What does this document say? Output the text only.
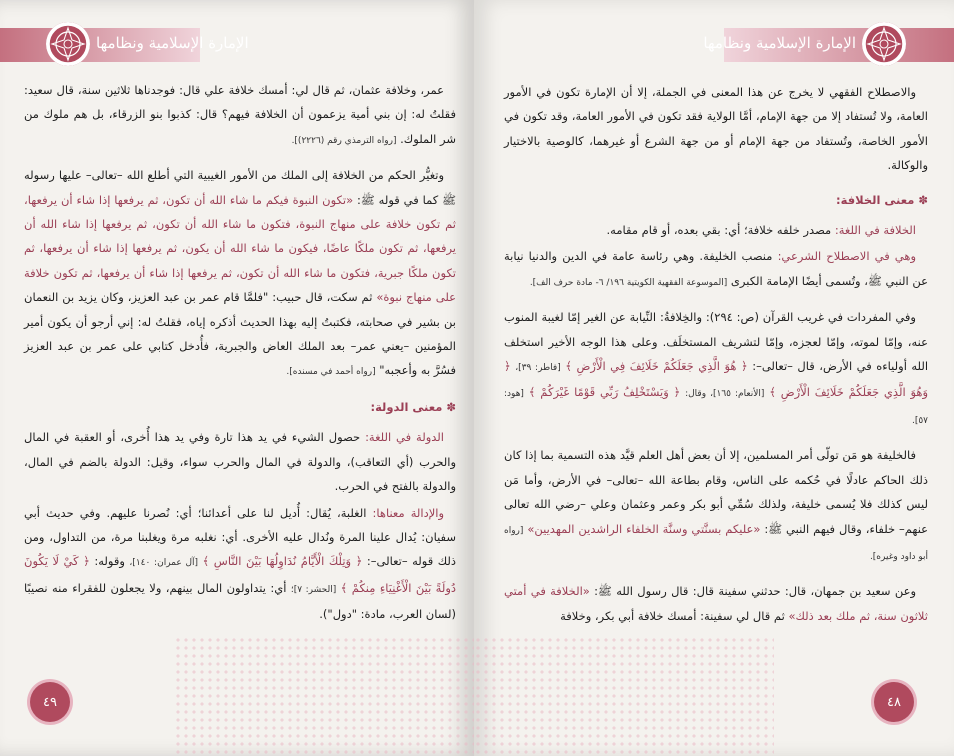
الإمارة الإسلامية ونظامها

عمر، وخلافة عثمان، ثم قال لي: أمسك خلافة علي قال: فوجدناها ثلاثين سنة، قال سعيد: فقلتُ له: إن بني أمية يزعمون أن الخلافة فيهم؟ قال: كذبوا بنو الزرقاء، بل هم ملوك من شر الملوك. [رواه الترمذي رقم (٢٢٢٦)].

وتغيُّر الحكم من الخلافة إلى الملك من الأمور الغيبية التي أطلع الله –تعالى– عليها رسوله ﷺ كما في قوله ﷺ: «تكون النبوة فيكم ما شاء الله أن تكون، ثم يرفعها إذا شاء أن يرفعها، ثم تكون خلافة على منهاج النبوة، فتكون ما شاء الله أن تكون، ثم يرفعها إذا شاء الله أن يرفعها، ثم تكون ملكًا عاضًا، فيكون ما شاء الله أن يكون، ثم يرفعها إذا شاء أن يرفعها، ثم تكون ملكًا جبرية، فتكون ما شاء الله أن تكون، ثم يرفعها إذا شاء أن يرفعها، ثم تكون خلافة على منهاج نبوة» ثم سكت، قال حبيب: "فلمَّا قام عمر بن عبد العزيز، وكان يزيد بن النعمان بن بشير في صحابته، فكتبتُ إليه بهذا الحديث أذكره إياه، فقلتُ له: إني أرجو أن يكون أمير المؤمنين –يعني عمر– بعد الملك العاض والجبرية، فأُدخل كتابي على عمر بن عبد العزيز فسُرَّ به وأعجبه" [رواه أحمد في مسنده].

✽معنى الدولة:

الدولة في اللغة: حصول الشيء في يد هذا تارة وفي يد هذا أُخرى، أو العقبة في المال والحرب (أي التعاقب)، والدولة في المال والحرب سواء، وقيل: الدولة بالضم في المال، والدولة بالفتح في الحرب.

والإدالة معناها: الغلبة، يُقال: أُديل لنا على أعدائنا؛ أي: نُصرنا عليهم. وفي حديث أبي سفيان: يُدال علينا المرة ونُدال عليه الأخرى. أي: نغلبه مرة ويغلبنا مرة، من التداول، ومن ذلك قوله –تعالى–: ﴿ وَتِلْكَ الْأَيَّامُ نُدَاوِلُهَا بَيْنَ النَّاسِ ﴾ [آل عمران: ١٤٠]، وقوله: ﴿ كَيْ لَا يَكُونَ دُولَةً بَيْنَ الْأَغْنِيَاءِ مِنكُمْ ﴾ [الحشر: ٧]؛ أي: يتداولون المال بينهم، ولا يجعلون للفقراء منه نصيبًا (لسان العرب، مادة: "دول").

٤٩
الإمارة الإسلامية ونظامها

والاصطلاح الفقهي لا يخرج عن هذا المعنى في الجملة، إلا أن الإمارة تكون في الأمور العامة، ولا تُستفاد إلا من جهة الإمام، أمَّا الولاية فقد تكون في الأمور العامة، وقد تكون في الأمور الخاصة، وتُستفاد من جهة الإمام أو من جهة الشرع أو غيرهما، كالوصية بالاختيار والوكالة.

✽معنى الخلافة:

الخلافة في اللغة: مصدر خلفه خلافة؛ أي: بقي بعده، أو قام مقامه.

وهي في الاصطلاح الشرعي: منصب الخليفة. وهي رئاسة عامة في الدين والدنيا نيابة عن النبي ﷺ، وتُسمى أيضًا الإمامة الكبرى [الموسوعة الفقهية الكويتية ١٩٦/ ٦- مادة حرف الف].

وفي المفردات في غريب القرآن (ص: ٢٩٤): والخِلافةُ: النِّيابة عن الغير إمّا لغيبة المنوب عنه، وإمّا لموته، وإمّا لعجزه، وإمّا لتشريف المستخلَف. وعلى هذا الوجه الأخير استخلف الله أولياءه في الأرض، قال –تعالى–: ﴿ هُوَ الَّذِي جَعَلَكُمْ خَلَائِفَ فِي الْأَرْضِ ﴾ [فاطر: ٣٩]، ﴿ وَهُوَ الَّذِي جَعَلَكُمْ خَلَائِفَ الْأَرْضِ ﴾ [الأنعام: ١٦٥]، وقال: ﴿ وَيَسْتَخْلِفُ رَبِّي قَوْمًا غَيْرَكُمْ ﴾ [هود: ٥٧].

فالخليفة هو مَن تولّى أمر المسلمين، إلا أن بعض أهل العلم قيَّد هذه التسمية بما إذا كان ذلك الحاكم عادلًا في حُكمه على الناس، وقام بطاعة الله –تعالى– في الأرض، وأما مَن ليس كذلك فلا يُسمى خليفة، ولذلك سُمِّي أبو بكر وعمر وعثمان وعلي –رضي الله تعالى عنهم– خلفاء، وقال فيهم النبي ﷺ: «عليكم بسنَّتي وسنَّة الخلفاء الراشدين المهديين» [رواه أبو داود وغيره].

وعن سعيد بن جمهان، قال: حدثني سفينة قال: قال رسول الله ﷺ: «الخلافة في أمتي ثلاثون سنة، ثم ملك بعد ذلك» ثم قال لي سفينة: أمسك خلافة أبي بكر، وخلافة

٤٨
